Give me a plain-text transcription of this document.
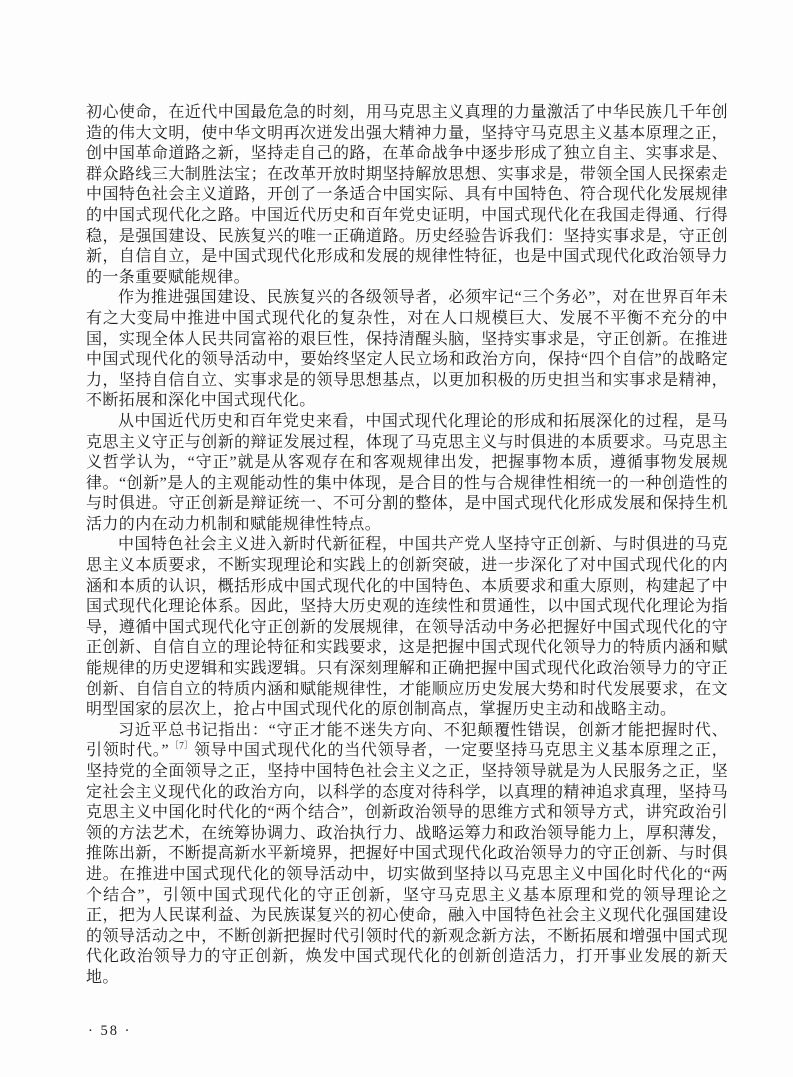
初心使命，在近代中国最危急的时刻，用马克思主义真理的力量激活了中华民族几千年创造的伟大文明，使中华文明再次迸发出强大精神力量，坚持守马克思主义基本原理之正，创中国革命道路之新，坚持走自己的路，在革命战争中逐步形成了独立自主、实事求是、群众路线三大制胜法宝；在改革开放时期坚持解放思想、实事求是，带领全国人民探索走中国特色社会主义道路，开创了一条适合中国实际、具有中国特色、符合现代化发展规律的中国式现代化之路。中国近代历史和百年党史证明，中国式现代化在我国走得通、行得稳，是强国建设、民族复兴的唯一正确道路。历史经验告诉我们：坚持实事求是，守正创新，自信自立，是中国式现代化形成和发展的规律性特征，也是中国式现代化政治领导力的一条重要赋能规律。

作为推进强国建设、民族复兴的各级领导者，必须牢记“三个务必”，对在世界百年未有之大变局中推进中国式现代化的复杂性，对在人口规模巨大、发展不平衡不充分的中国，实现全体人民共同富裕的艰巨性，保持清醒头脑，坚持实事求是，守正创新。在推进中国式现代化的领导活动中，要始终坚定人民立场和政治方向，保持“四个自信”的战略定力，坚持自信自立、实事求是的领导思想基点，以更加积极的历史担当和实事求是精神，不断拓展和深化中国式现代化。

从中国近代历史和百年党史来看，中国式现代化理论的形成和拓展深化的过程，是马克思主义守正与创新的辩证发展过程，体现了马克思主义与时俱进的本质要求。马克思主义哲学认为，“守正”就是从客观存在和客观规律出发，把握事物本质，遵循事物发展规律。“创新”是人的主观能动性的集中体现，是合目的性与合规律性相统一的一种创造性的与时俱进。守正创新是辩证统一、不可分割的整体，是中国式现代化形成发展和保持生机活力的内在动力机制和赋能规律性特点。

中国特色社会主义进入新时代新征程，中国共产党人坚持守正创新、与时俱进的马克思主义本质要求，不断实现理论和实践上的创新突破，进一步深化了对中国式现代化的内涵和本质的认识，概括形成中国式现代化的中国特色、本质要求和重大原则，构建起了中国式现代化理论体系。因此，坚持大历史观的连续性和贯通性，以中国式现代化理论为指导，遵循中国式现代化守正创新的发展规律，在领导活动中务必把握好中国式现代化的守正创新、自信自立的理论特征和实践要求，这是把握中国式现代化领导力的特质内涵和赋能规律的历史逻辑和实践逻辑。只有深刻理解和正确把握中国式现代化政治领导力的守正创新、自信自立的特质内涵和赋能规律性，才能顺应历史发展大势和时代发展要求，在文明型国家的层次上，抢占中国式现代化的原创制高点，掌握历史主动和战略主动。

习近平总书记指出：“守正才能不迷失方向、不犯颠覆性错误，创新才能把握时代、引领时代。”$^{〔7〕}$领导中国式现代化的当代领导者，一定要坚持马克思主义基本原理之正，坚持党的全面领导之正，坚持中国特色社会主义之正，坚持领导就是为人民服务之正，坚定社会主义现代化的政治方向，以科学的态度对待科学，以真理的精神追求真理，坚持马克思主义中国化时代化的“两个结合”，创新政治领导的思维方式和领导方式，讲究政治引领的方法艺术，在统筹协调力、政治执行力、战略运筹力和政治领导能力上，厚积薄发，推陈出新，不断提高新水平新境界，把握好中国式现代化政治领导力的守正创新、与时俱进。在推进中国式现代化的领导活动中，切实做到坚持以马克思主义中国化时代化的“两个结合”，引领中国式现代化的守正创新，坚守马克思主义基本原理和党的领导理论之正，把为人民谋利益、为民族谋复兴的初心使命，融入中国特色社会主义现代化强国建设的领导活动之中，不断创新把握时代引领时代的新观念新方法，不断拓展和增强中国式现代化政治领导力的守正创新，焕发中国式现代化的创新创造活力，打开事业发展的新天地。

· 58 ·
